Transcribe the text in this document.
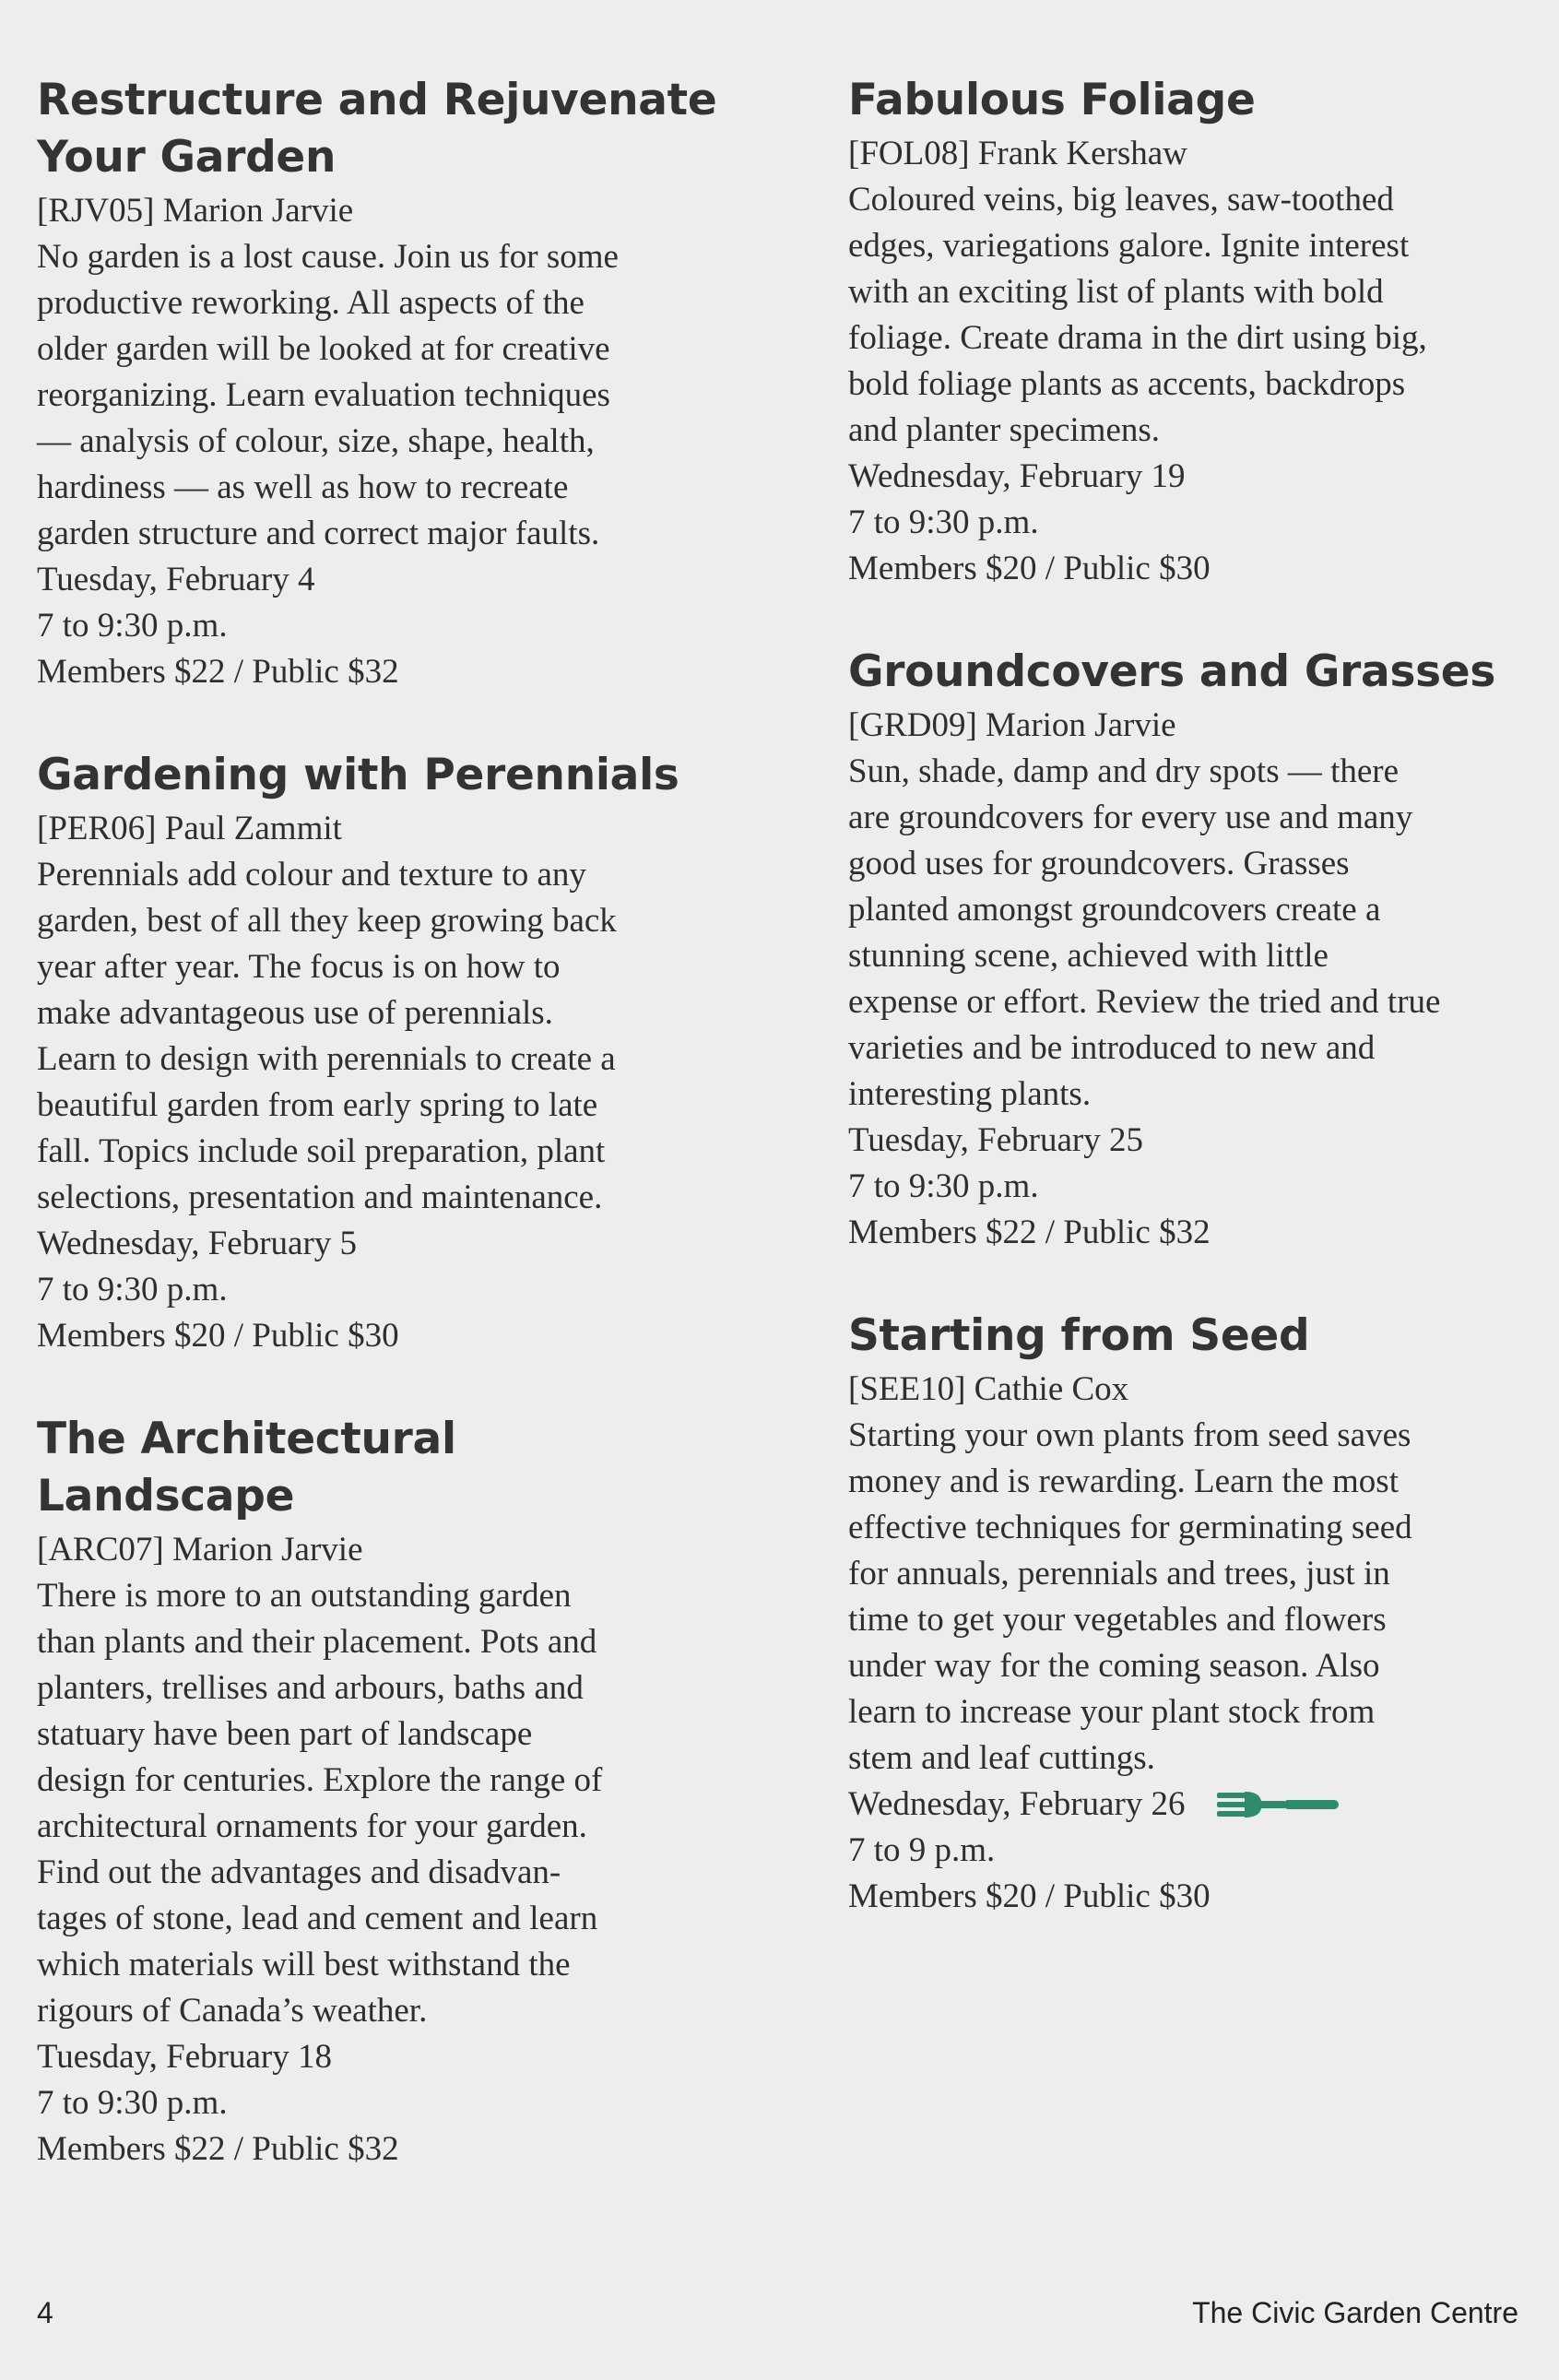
Restructure and Rejuvenate
Your Garden

[RJV05] Marion Jarvie

No garden is a lost cause. Join us for some
productive reworking. All aspects of the
older garden will be looked at for creative
reorganizing. Learn evaluation techniques
— analysis of colour, size, shape, health,
hardiness — as well as how to recreate
garden structure and correct major faults.

Tuesday, February 4

7 to 9:30 p.m.

Members $22 / Public $32

Gardening with Perennials

[PER06] Paul Zammit

Perennials add colour and texture to any
garden, best of all they keep growing back
year after year. The focus is on how to
make advantageous use of perennials.
Learn to design with perennials to create a
beautiful garden from early spring to late
fall. Topics include soil preparation, plant
selections, presentation and maintenance.

Wednesday, February 5

7 to 9:30 p.m.

Members $20 / Public $30

The Architectural Landscape

[ARC07] Marion Jarvie

There is more to an outstanding garden
than plants and their placement. Pots and
planters, trellises and arbours, baths and
statuary have been part of landscape
design for centuries. Explore the range of
architectural ornaments for your garden.
Find out the advantages and disadvan-
tages of stone, lead and cement and learn
which materials will best withstand the
rigours of Canada’s weather.

Tuesday, February 18

7 to 9:30 p.m.

Members $22 / Public $32

Fabulous Foliage

[FOL08] Frank Kershaw

Coloured veins, big leaves, saw-toothed
edges, variegations galore. Ignite interest
with an exciting list of plants with bold
foliage. Create drama in the dirt using big,
bold foliage plants as accents, backdrops
and planter specimens.

Wednesday, February 19

7 to 9:30 p.m.

Members $20 / Public $30

Groundcovers and Grasses

[GRD09] Marion Jarvie

Sun, shade, damp and dry spots — there
are groundcovers for every use and many
good uses for groundcovers. Grasses
planted amongst groundcovers create a
stunning scene, achieved with little
expense or effort. Review the tried and true
varieties and be introduced to new and
interesting plants.

Tuesday, February 25

7 to 9:30 p.m.

Members $22 / Public $32

Starting from Seed

[SEE10] Cathie Cox

Starting your own plants from seed saves
money and is rewarding. Learn the most
effective techniques for germinating seed
for annuals, perennials and trees, just in
time to get your vegetables and flowers
under way for the coming season. Also
learn to increase your plant stock from
stem and leaf cuttings.
Wednesday, February 26

7 to 9 p.m.

Members $20 / Public $30

4	The Civic Garden Centre
